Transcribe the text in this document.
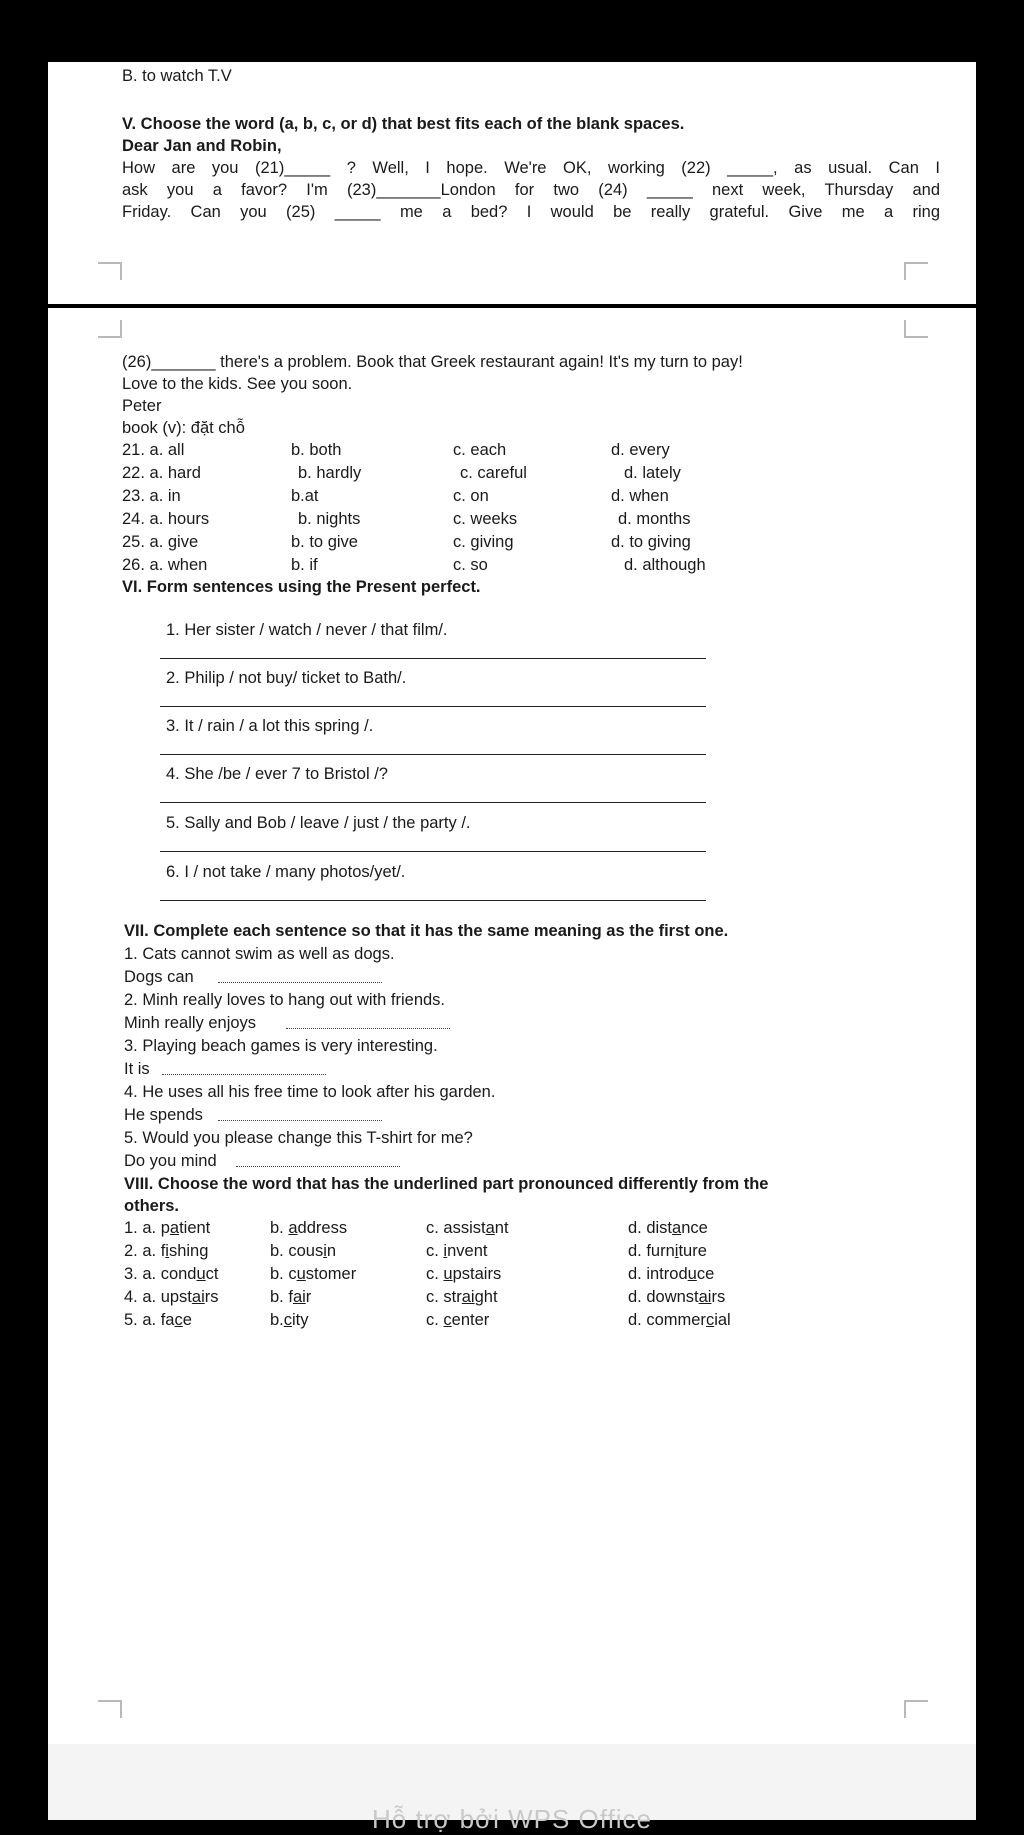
B. to watch T.V
V. Choose the word (a, b, c, or d) that best fits each of the blank spaces.
Dear Jan and Robin,
How are you (21)_____ ? Well, I hope. We're OK, working (22) _____, as usual. Can I
ask you a favor? I'm (23)_______London for two (24) _____ next week, Thursday and
Friday. Can you (25) _____ me a bed? I would be really grateful. Give me a ring
(26)_______ there's a problem. Book that Greek restaurant again! It's my turn to pay!
Love to the kids. See you soon.
Peter
book (v): đặt chỗ
21. a. all	b. both	c. each	d. every
22. a. hard	b. hardly	c. careful	d. lately
23. a. in	b.at	c. on	d. when
24. a. hours	b. nights	c. weeks	d. months
25. a. give	b. to give	c. giving	d. to giving
26. a. when	b. if	c. so	d. although
VI. Form sentences using the Present perfect.
1. Her sister / watch / never / that film/.
2. Philip / not buy/ ticket to Bath/.
3. It / rain / a lot this spring /.
4. She /be / ever 7 to Bristol /?
5. Sally and Bob / leave / just / the party /.
6. I / not take / many photos/yet/.
VII. Complete each sentence so that it has the same meaning as the first one.
1. Cats cannot swim as well as dogs.
Dogs can
2. Minh really loves to hang out with friends.
Minh really enjoys
3. Playing beach games is very interesting.
It is
4. He uses all his free time to look after his garden.
He spends
5. Would you please change this T-shirt for me?
Do you mind
VIII. Choose the word that has the underlined part pronounced differently from the
others.
1. a. patient	b. address	c. assistant	d. distance
2. a. fishing	b. cousin	c. invent	d. furniture
3. a. conduct	b. customer	c. upstairs	d. introduce
4. a. upstairs	b. fair	c. straight	d. downstairs
5. a. face	b.city	c. center	d. commercial
Hỗ trợ bởi WPS Office
